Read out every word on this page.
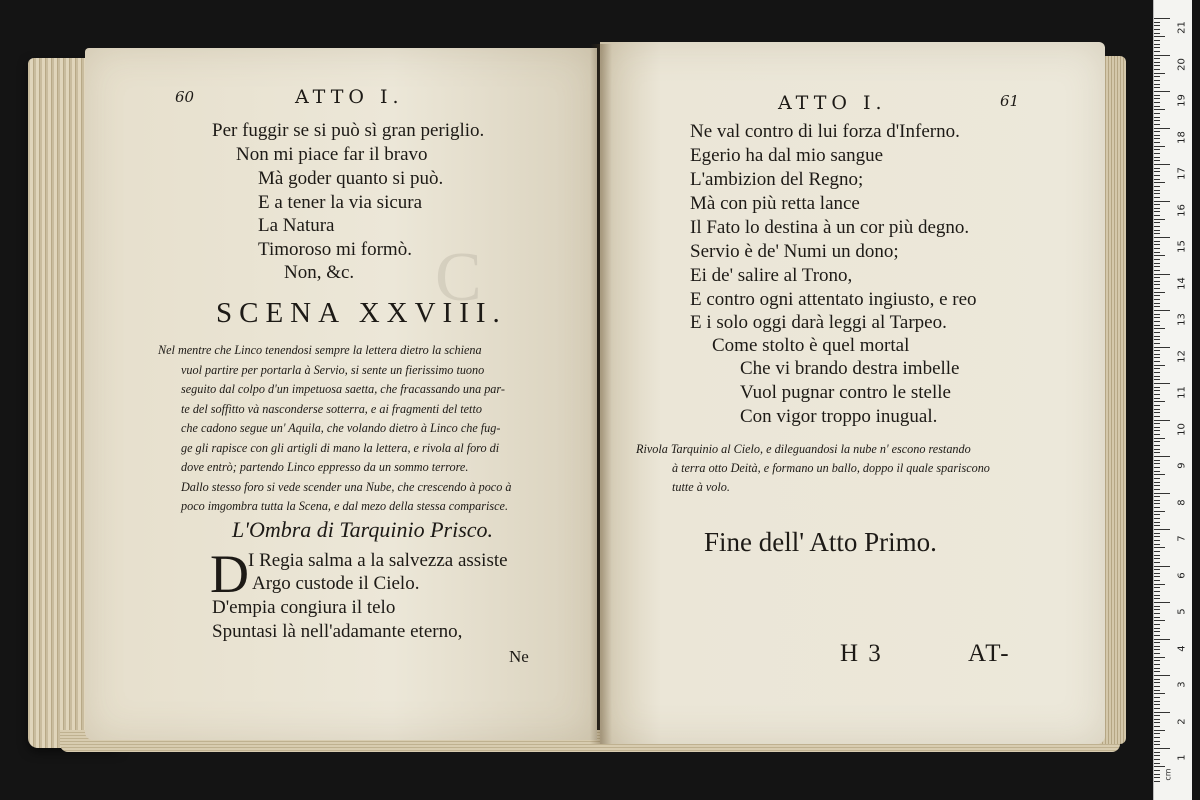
C
60	ATTO I.
Per fuggir se si può sì gran periglio.
Non mi piace far il bravo
Mà goder quanto si può.
E a tener la via sicura
La Natura
Timoroso mi formò.
Non, &c.
SCENA XXVIII.
Nel mentre che Linco tenendosi sempre la lettera dietro la schiena
vuol partire per portarla à Servio, si sente un fierissimo tuono
seguito dal colpo d'un impetuosa saetta, che fracassando una par-
te del soffitto và nasconderse sotterra, e ai fragmenti del tetto
che cadono segue un' Aquila, che volando dietro à Linco che fug-
ge gli rapisce con gli artigli di mano la lettera, e rivola al foro di
dove entrò; partendo Linco eppresso da un sommo terrore.
Dallo stesso foro si vede scender una Nube, che crescendo à poco à
poco imgombra tutta la Scena, e dal mezo della stessa comparisce.
L'Ombra di Tarquinio Prisco.
D I Regia salma a la salvezza assiste
Argo custode il Cielo.
D'empia congiura il telo
Spuntasi là nell'adamante eterno,
Ne
ATTO I.	61
Ne val contro di lui forza d'Inferno.
Egerio ha dal mio sangue
L'ambizion del Regno;
Mà con più retta lance
Il Fato lo destina à un cor più degno.
Servio è de' Numi un dono;
Ei de' salire al Trono,
E contro ogni attentato ingiusto, e reo
E i solo oggi darà leggi al Tarpeo.
Come stolto è quel mortal
Che vi brando destra imbelle
Vuol pugnar contro le stelle
Con vigor troppo inugual.
Rivola Tarquinio al Cielo, e dileguandosi la nube n' escono restando
à terra otto Deità, e formano un ballo, doppo il quale spariscono
tutte à volo.
Fine dell' Atto Primo.
H 3	AT-
cm
21
20
19
18
17
16
15
14
13
12
11
10
9
8
7
6
5
4
3
2
1
